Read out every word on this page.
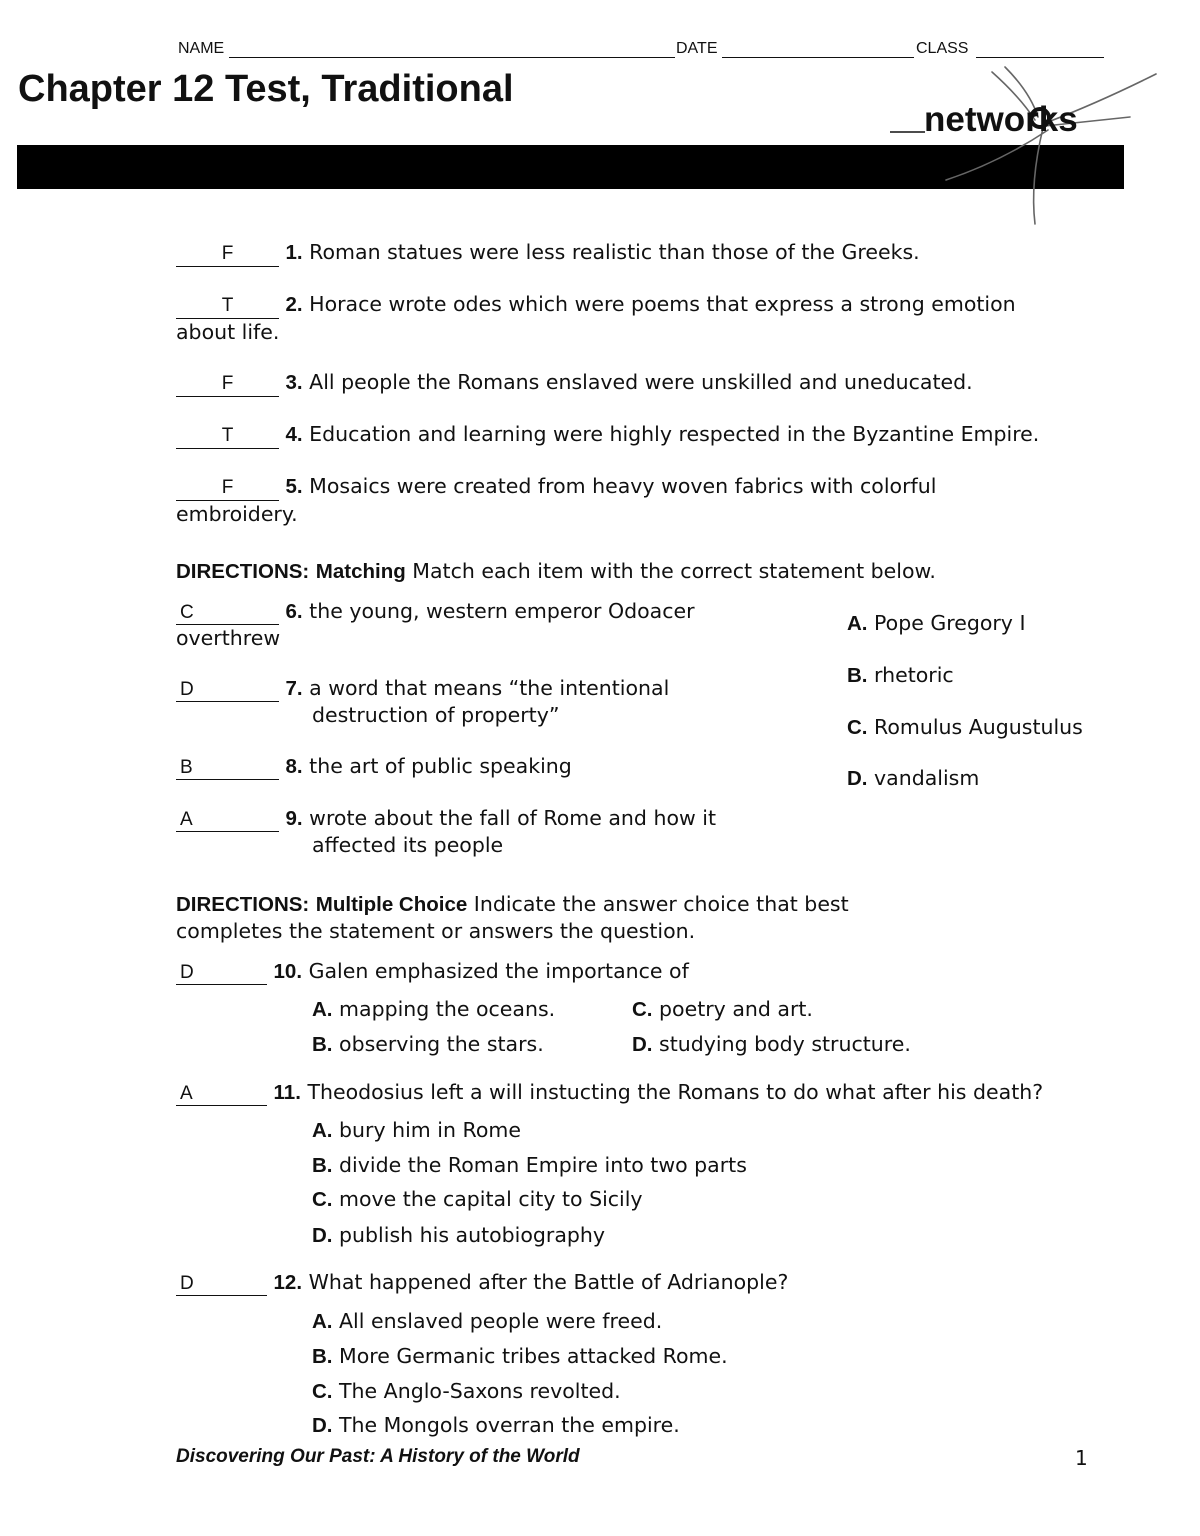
NAME	DATE	CLASS
Chapter 12 Test, Traditional
networks
F	1. Roman statues were less realistic than those of the Greeks.
T	2. Horace wrote odes which were poems that express a strong emotion
about life.
F	3. All people the Romans enslaved were unskilled and uneducated.
T	4. Education and learning were highly respected in the Byzantine Empire.
F	5. Mosaics were created from heavy woven fabrics with colorful
embroidery.
DIRECTIONS: Matching Match each item with the correct statement below.
C	6. the young, western emperor Odoacer
overthrew
D	7. a word that means “the intentional
destruction of property”
B	8. the art of public speaking
A	9. wrote about the fall of Rome and how it
affected its people
A. Pope Gregory I
B. rhetoric
C. Romulus Augustulus
D. vandalism
DIRECTIONS: Multiple Choice Indicate the answer choice that best
completes the statement or answers the question.
D	10. Galen emphasized the importance of
A. mapping the oceans.	C. poetry and art.
B. observing the stars.	D. studying body structure.
A	11. Theodosius left a will instucting the Romans to do what after his death?
A. bury him in Rome
B. divide the Roman Empire into two parts
C. move the capital city to Sicily
D. publish his autobiography
D	12. What happened after the Battle of Adrianople?
A. All enslaved people were freed.
B. More Germanic tribes attacked Rome.
C. The Anglo-Saxons revolted.
D. The Mongols overran the empire.
Discovering Our Past: A History of the World	1
